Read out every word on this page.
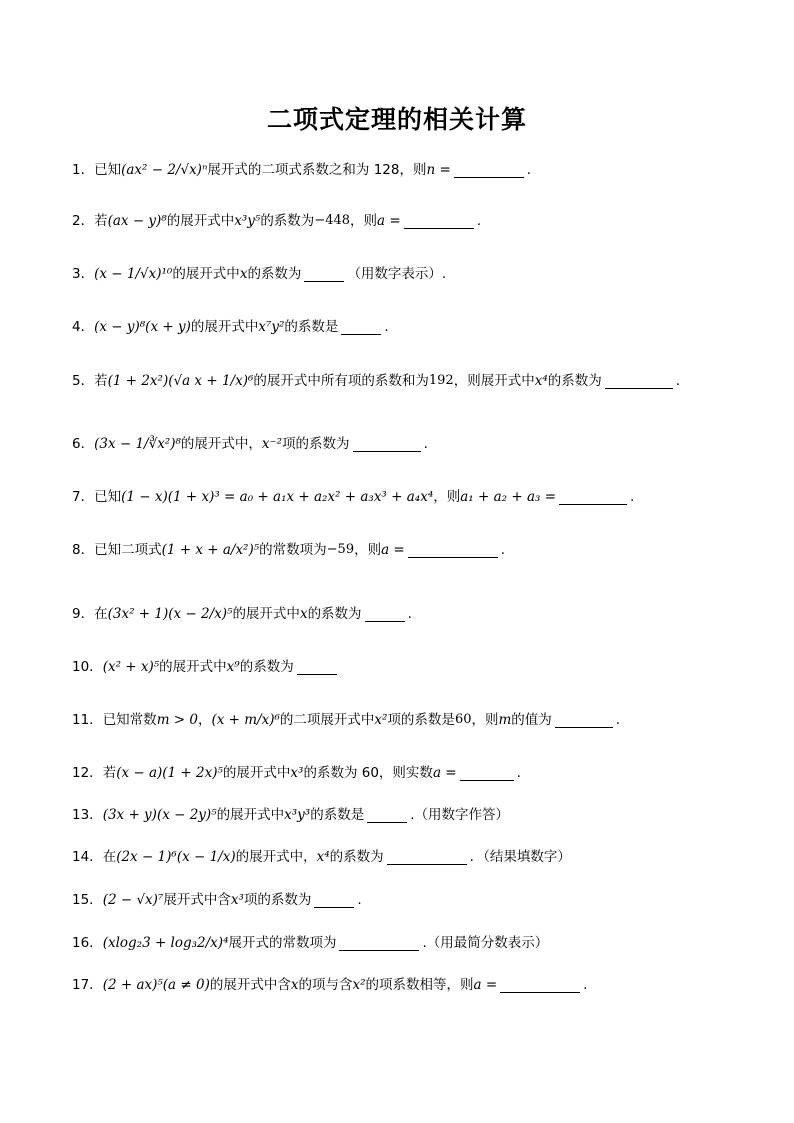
二项式定理的相关计算
1． 已知 (ax² − 2/√x)ⁿ 展开式的二项式系数之和为 128，则 n =	.
2． 若 (ax − y)⁸ 的展开式中 x³y⁵ 的系数为 −448 ，则 a =	.
3． (x − 1/√x)¹⁰ 的展开式中 x 的系数为	（用数字表示）.
4． (x − y)⁸(x + y) 的展开式中 x⁷y² 的系数是	.
5． 若 (1 + 2x²)(√a x + 1/x)⁶ 的展开式中所有项的系数和为 192 ，则展开式中 x⁴ 的系数为	.
6． (3x − 1/∛x²)⁸ 的展开式中， x⁻² 项的系数为	.
7． 已知 (1 − x)(1 + x)³ = a₀ + a₁x + a₂x² + a₃x³ + a₄x⁴ ，则 a₁ + a₂ + a₃ =	.
8． 已知二项式 (1 + x + a/x²)⁵ 的常数项为 −59 ，则 a =	.
9． 在 (3x² + 1)(x − 2/x)⁵ 的展开式中 x 的系数为	.
10． (x² + x)⁵ 的展开式中 x⁹ 的系数为
11． 已知常数 m > 0 ， (x + m/x)⁶ 的二项展开式中 x² 项的系数是 60 ，则 m 的值为	.
12． 若 (x − a)(1 + 2x)⁵ 的展开式中 x³ 的系数为 60，则实数 a =	.
13． (3x + y)(x − 2y)⁵ 的展开式中 x³y³ 的系数是	.（用数字作答）
14． 在 (2x − 1)⁶(x − 1/x) 的展开式中， x⁴ 的系数为	．（结果填数字）
15． (2 − √x)⁷ 展开式中含 x³ 项的系数为	.
16． (xlog₂3 + log₃2/x)⁴ 展开式的常数项为	.（用最简分数表示）
17． (2 + ax)⁵(a ≠ 0) 的展开式中含 x 的项与含 x² 的项系数相等，则 a =	.
